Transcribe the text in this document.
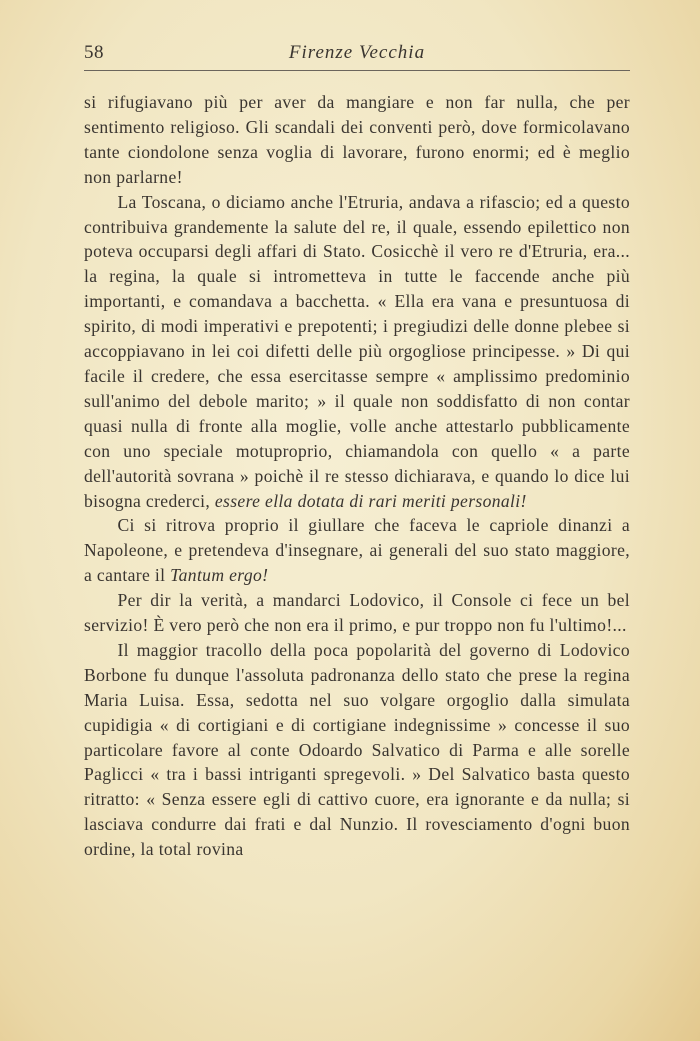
58	Firenze Vecchia

si rifugiavano più per aver da mangiare e non far nulla, che per sentimento religioso. Gli scandali dei conventi però, dove formicolavano tante ciondolone senza voglia di lavorare, furono enormi; ed è meglio non parlarne!

La Toscana, o diciamo anche l'Etruria, andava a rifascio; ed a questo contribuiva grandemente la salute del re, il quale, essendo epilettico non poteva occuparsi degli affari di Stato. Cosicchè il vero re d'Etruria, era... la regina, la quale si intrometteva in tutte le faccende anche più importanti, e comandava a bacchetta. « Ella era vana e presuntuosa di spirito, di modi imperativi e prepotenti; i pregiudizi delle donne plebee si accoppiavano in lei coi difetti delle più orgogliose principesse. » Di qui facile il credere, che essa esercitasse sempre « amplissimo predominio sull'animo del debole marito; » il quale non soddisfatto di non contar quasi nulla di fronte alla moglie, volle anche attestarlo pubblicamente con uno speciale motuproprio, chiamandola con quello « a parte dell'autorità sovrana » poichè il re stesso dichiarava, e quando lo dice lui bisogna crederci, essere ella dotata di rari meriti personali!

Ci si ritrova proprio il giullare che faceva le capriole dinanzi a Napoleone, e pretendeva d'insegnare, ai generali del suo stato maggiore, a cantare il Tantum ergo!

Per dir la verità, a mandarci Lodovico, il Console ci fece un bel servizio! È vero però che non era il primo, e pur troppo non fu l'ultimo!...

Il maggior tracollo della poca popolarità del governo di Lodovico Borbone fu dunque l'assoluta padronanza dello stato che prese la regina Maria Luisa. Essa, sedotta nel suo volgare orgoglio dalla simulata cupidigia « di cortigiani e di cortigiane indegnissime » concesse il suo particolare favore al conte Odoardo Salvatico di Parma e alle sorelle Paglicci « tra i bassi intriganti spregevoli. » Del Salvatico basta questo ritratto: « Senza essere egli di cattivo cuore, era ignorante e da nulla; si lasciava condurre dai frati e dal Nunzio. Il rovesciamento d'ogni buon ordine, la total rovina
